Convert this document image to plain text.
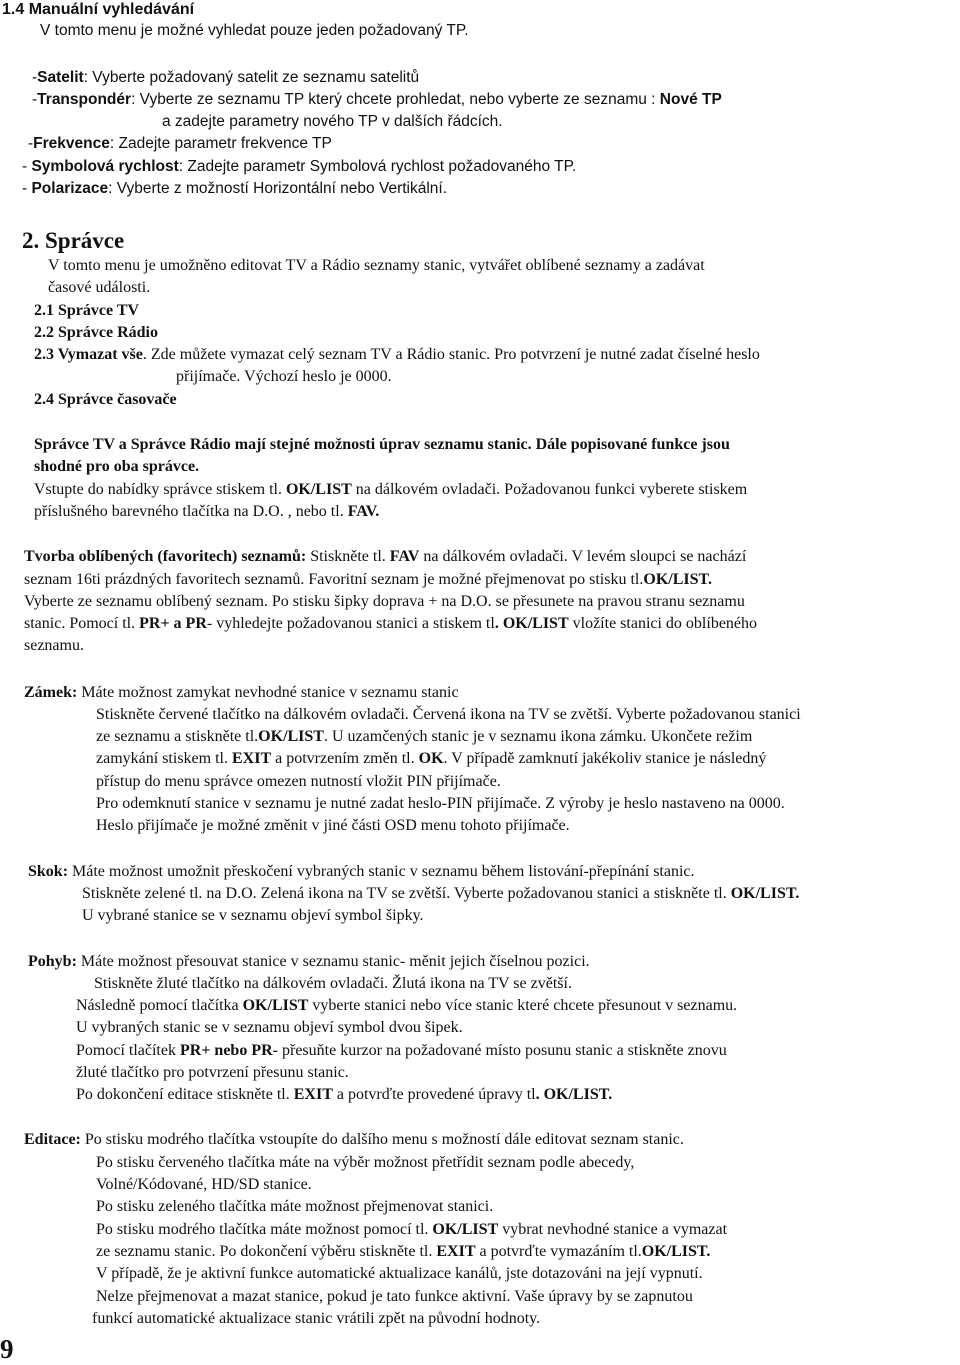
1.4 Manuální vyhledávání
V tomto menu je možné vyhledat pouze jeden požadovaný TP.
-Satelit: Vyberte požadovaný satelit ze seznamu satelitů
-Transpondér: Vyberte ze seznamu TP který chcete prohledat, nebo vyberte ze seznamu : Nové TP
a zadejte parametry nového TP v dalších řádcích.
-Frekvence: Zadejte parametr frekvence TP
- Symbolová rychlost: Zadejte parametr Symbolová rychlost požadovaného TP.
- Polarizace: Vyberte z možností Horizontální nebo Vertikální.
2. Správce
V tomto menu je umožněno editovat TV a Rádio seznamy stanic, vytvářet oblíbené seznamy a zadávat
časové události.
2.1 Správce TV
2.2 Správce Rádio
2.3 Vymazat vše. Zde můžete vymazat celý seznam TV a Rádio stanic. Pro potvrzení je nutné zadat číselné heslo
přijímače. Výchozí heslo je 0000.
2.4 Správce časovače
Správce TV a Správce Rádio mají stejné možnosti úprav seznamu stanic. Dále popisované funkce jsou
shodné pro oba správce.
Vstupte do nabídky správce stiskem tl. OK/LIST na dálkovém ovladači. Požadovanou funkci vyberete stiskem
příslušného barevného tlačítka na D.O. , nebo tl. FAV.
Tvorba oblíbených (favoritech) seznamů: Stiskněte tl. FAV na dálkovém ovladači. V levém sloupci se nachází
seznam 16ti prázdných favoritech seznamů. Favoritní seznam je možné přejmenovat po stisku tl.OK/LIST.
Vyberte ze seznamu oblíbený seznam. Po stisku šipky doprava + na D.O. se přesunete na pravou stranu seznamu
stanic. Pomocí tl. PR+ a PR- vyhledejte požadovanou stanici a stiskem tl. OK/LIST vložíte stanici do oblíbeného
seznamu.
Zámek: Máte možnost zamykat nevhodné stanice v seznamu stanic
Stiskněte červené tlačítko na dálkovém ovladači. Červená ikona na TV se zvětší. Vyberte požadovanou stanici
ze seznamu a stiskněte tl.OK/LIST. U uzamčených stanic je v seznamu ikona zámku. Ukončete režim
zamykání stiskem tl. EXIT a potvrzením změn tl. OK. V případě zamknutí jakékoliv stanice je následný
přístup do menu správce omezen nutností vložit PIN přijímače.
Pro odemknutí stanice v seznamu je nutné zadat heslo-PIN přijímače. Z výroby je heslo nastaveno na 0000.
Heslo přijímače je možné změnit v jiné části OSD menu tohoto přijímače.
Skok: Máte možnost umožnit přeskočení vybraných stanic v seznamu během listování-přepínání stanic.
Stiskněte zelené tl. na D.O. Zelená ikona na TV se zvětší. Vyberte požadovanou stanici a stiskněte tl. OK/LIST.
U vybrané stanice se v seznamu objeví symbol šipky.
Pohyb: Máte možnost přesouvat stanice v seznamu stanic- měnit jejich číselnou pozici.
Stiskněte žluté tlačítko na dálkovém ovladači. Žlutá ikona na TV se zvětší.
Následně pomocí tlačítka OK/LIST vyberte stanici nebo více stanic které chcete přesunout v seznamu.
U vybraných stanic se v seznamu objeví symbol dvou šipek.
Pomocí tlačítek PR+ nebo PR- přesuňte kurzor na požadované místo posunu stanic a stiskněte znovu
žluté tlačítko pro potvrzení přesunu stanic.
Po dokončení editace stiskněte tl. EXIT a potvrďte provedené úpravy tl. OK/LIST.
Editace: Po stisku modrého tlačítka vstoupíte do dalšího menu s možností dále editovat seznam stanic.
Po stisku červeného tlačítka máte na výběr možnost přetřídit seznam podle abecedy,
Volné/Kódované, HD/SD stanice.
Po stisku zeleného tlačítka máte možnost přejmenovat stanici.
Po stisku modrého tlačítka máte možnost pomocí tl. OK/LIST vybrat nevhodné stanice a vymazat
ze seznamu stanic. Po dokončení výběru stiskněte tl. EXIT a potvrďte vymazáním tl.OK/LIST.
V případě, že je aktivní funkce automatické aktualizace kanálů, jste dotazováni na její vypnutí.
Nelze přejmenovat a mazat stanice, pokud je tato funkce aktivní. Vaše úpravy by se zapnutou
funkcí automatické aktualizace stanic vrátili zpět na původní hodnoty.
9
